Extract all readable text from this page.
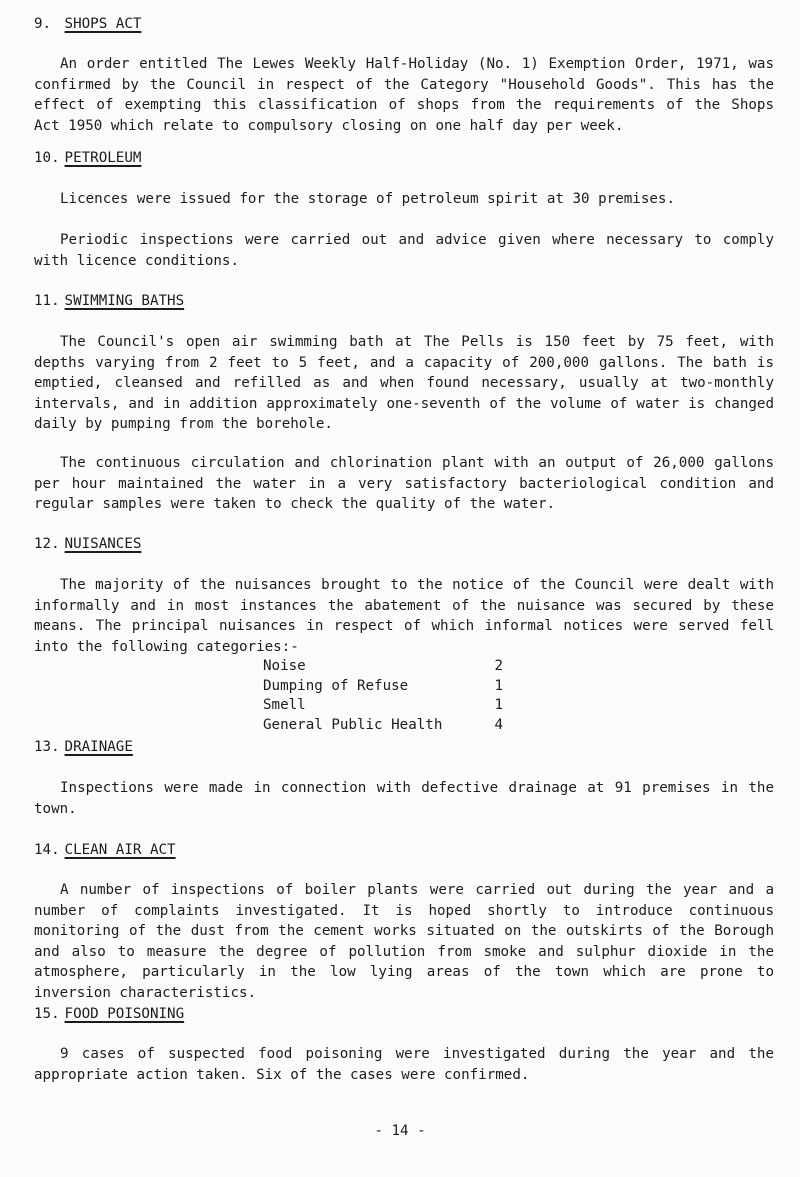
9. SHOPS ACT
An order entitled The Lewes Weekly Half-Holiday (No. 1) Exemption Order, 1971, was confirmed by the Council in respect of the Category "Household Goods". This has the effect of exempting this classification of shops from the requirements of the Shops Act 1950 which relate to compulsory closing on one half day per week.
10. PETROLEUM
Licences were issued for the storage of petroleum spirit at 30 premises.
Periodic inspections were carried out and advice given where necessary to comply with licence conditions.
11. SWIMMING BATHS
The Council's open air swimming bath at The Pells is 150 feet by 75 feet, with depths varying from 2 feet to 5 feet, and a capacity of 200,000 gallons. The bath is emptied, cleansed and refilled as and when found necessary, usually at two-monthly intervals, and in addition approximately one-seventh of the volume of water is changed daily by pumping from the borehole.
The continuous circulation and chlorination plant with an output of 26,000 gallons per hour maintained the water in a very satisfactory bacteriological condition and regular samples were taken to check the quality of the water.
12. NUISANCES
The majority of the nuisances brought to the notice of the Council were dealt with informally and in most instances the abatement of the nuisance was secured by these means. The principal nuisances in respect of which informal notices were served fell into the following categories:-
Noise	2
Dumping of Refuse	1
Smell	1
General Public Health	4
13. DRAINAGE
Inspections were made in connection with defective drainage at 91 premises in the town.
14. CLEAN AIR ACT
A number of inspections of boiler plants were carried out during the year and a number of complaints investigated. It is hoped shortly to introduce continuous monitoring of the dust from the cement works situated on the outskirts of the Borough and also to measure the degree of pollution from smoke and sulphur dioxide in the atmosphere, particularly in the low lying areas of the town which are prone to inversion characteristics.
15. FOOD POISONING
9 cases of suspected food poisoning were investigated during the year and the appropriate action taken. Six of the cases were confirmed.
- 14 -
